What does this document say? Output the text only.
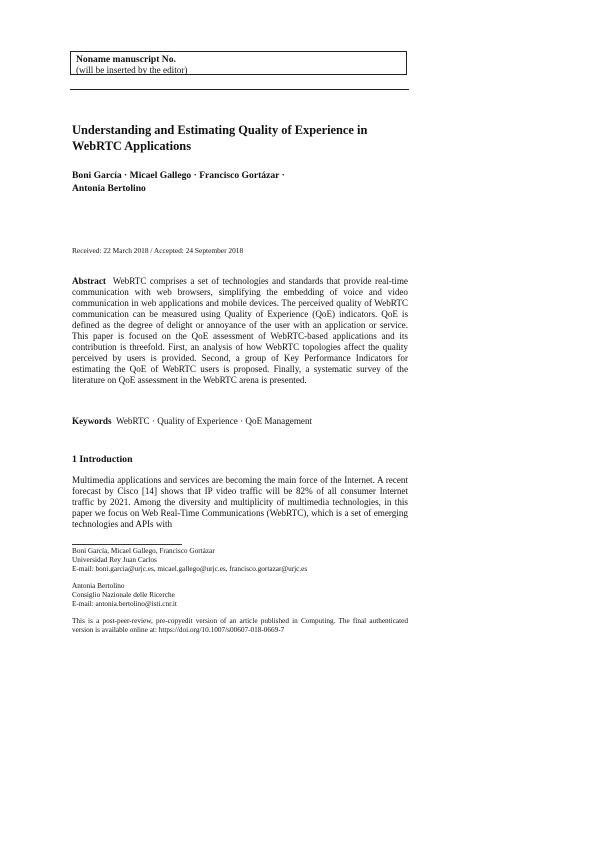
Noname manuscript No.
(will be inserted by the editor)
Understanding and Estimating Quality of Experience in WebRTC Applications

Boni García · Micael Gallego · Francisco Gortázar · Antonia Bertolino

Received: 22 March 2018 / Accepted: 24 September 2018

Abstract WebRTC comprises a set of technologies and standards that provide real-time communication with web browsers, simplifying the embedding of voice and video communication in web applications and mobile devices. The perceived quality of WebRTC communication can be measured using Quality of Experience (QoE) indicators. QoE is defined as the degree of delight or annoyance of the user with an application or service. This paper is focused on the QoE assessment of WebRTC-based applications and its contribution is threefold. First, an analysis of how WebRTC topologies affect the quality perceived by users is provided. Second, a group of Key Performance Indicators for estimating the QoE of WebRTC users is proposed. Finally, a systematic survey of the literature on QoE assessment in the WebRTC arena is presented.

Keywords WebRTC · Quality of Experience · QoE Management

1 Introduction

Multimedia applications and services are becoming the main force of the Internet. A recent forecast by Cisco [14] shows that IP video traffic will be 82% of all consumer Internet traffic by 2021. Among the diversity and multiplicity of multimedia technologies, in this paper we focus on Web Real-Time Communications (WebRTC), which is a set of emerging technologies and APIs with

Boni García, Micael Gallego, Francisco Gortázar
Universidad Rey Juan Carlos
E-mail: boni.garcia@urjc.es, micael.gallego@urjc.es, francisco.gortazar@urjc.es

Antonia Bertolino
Consiglio Nazionale delle Ricerche
E-mail: antonia.bertolino@isti.cnr.it

This is a post-peer-review, pre-copyedit version of an article published in Computing. The final authenticated version is available online at: https://doi.org/10.1007/s00607-018-0669-7
